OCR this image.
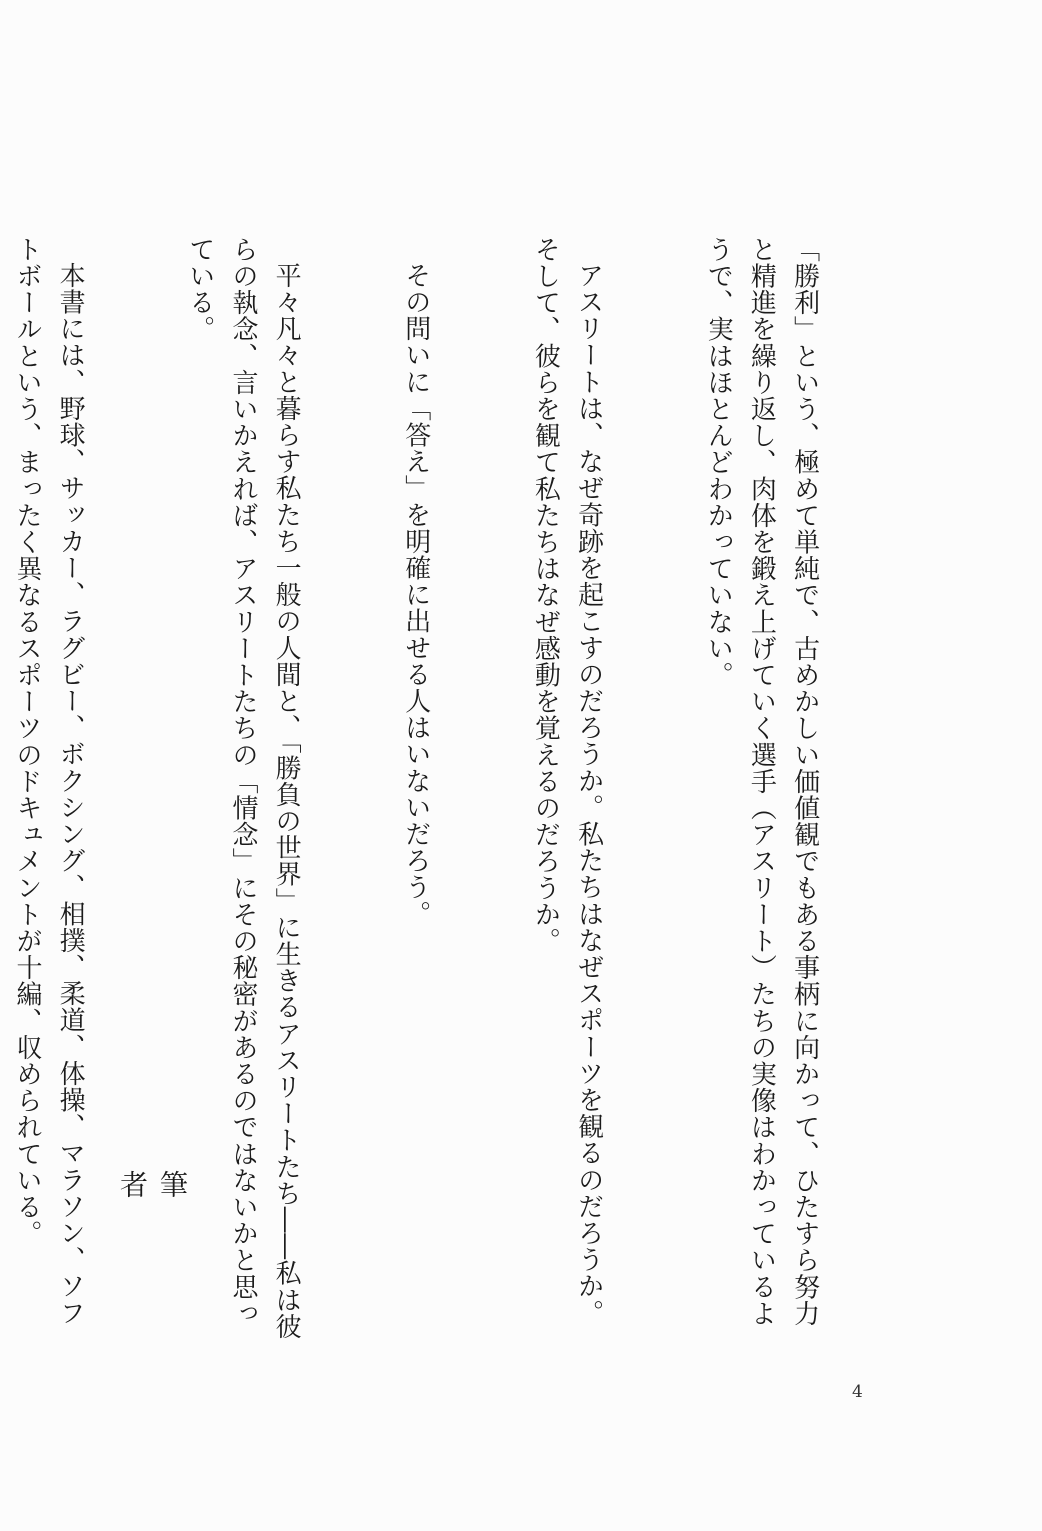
「勝利」という、極めて単純で、古めかしい価値観でもある事柄に向かって、ひたすら努力と精進を繰り返し、肉体を鍛え上げていく選手（アスリート）たちの実像はわかっているようで、実はほとんどわかっていない。

アスリートは、なぜ奇跡を起こすのだろうか。私たちはなぜスポーツを観るのだろうか。そして、彼らを観て私たちはなぜ感動を覚えるのだろうか。

その問いに「答え」を明確に出せる人はいないだろう。

平々凡々と暮らす私たち一般の人間と、「勝負の世界」に生きるアスリートたち――私は彼らの執念、言いかえれば、アスリートたちの「情念」にその秘密があるのではないかと思っている。

本書には、野球、サッカー、ラグビー、ボクシング、相撲、柔道、体操、マラソン、ソフトボールという、まったく異なるスポーツのドキュメントが十編、収められている。

	筆者
4
